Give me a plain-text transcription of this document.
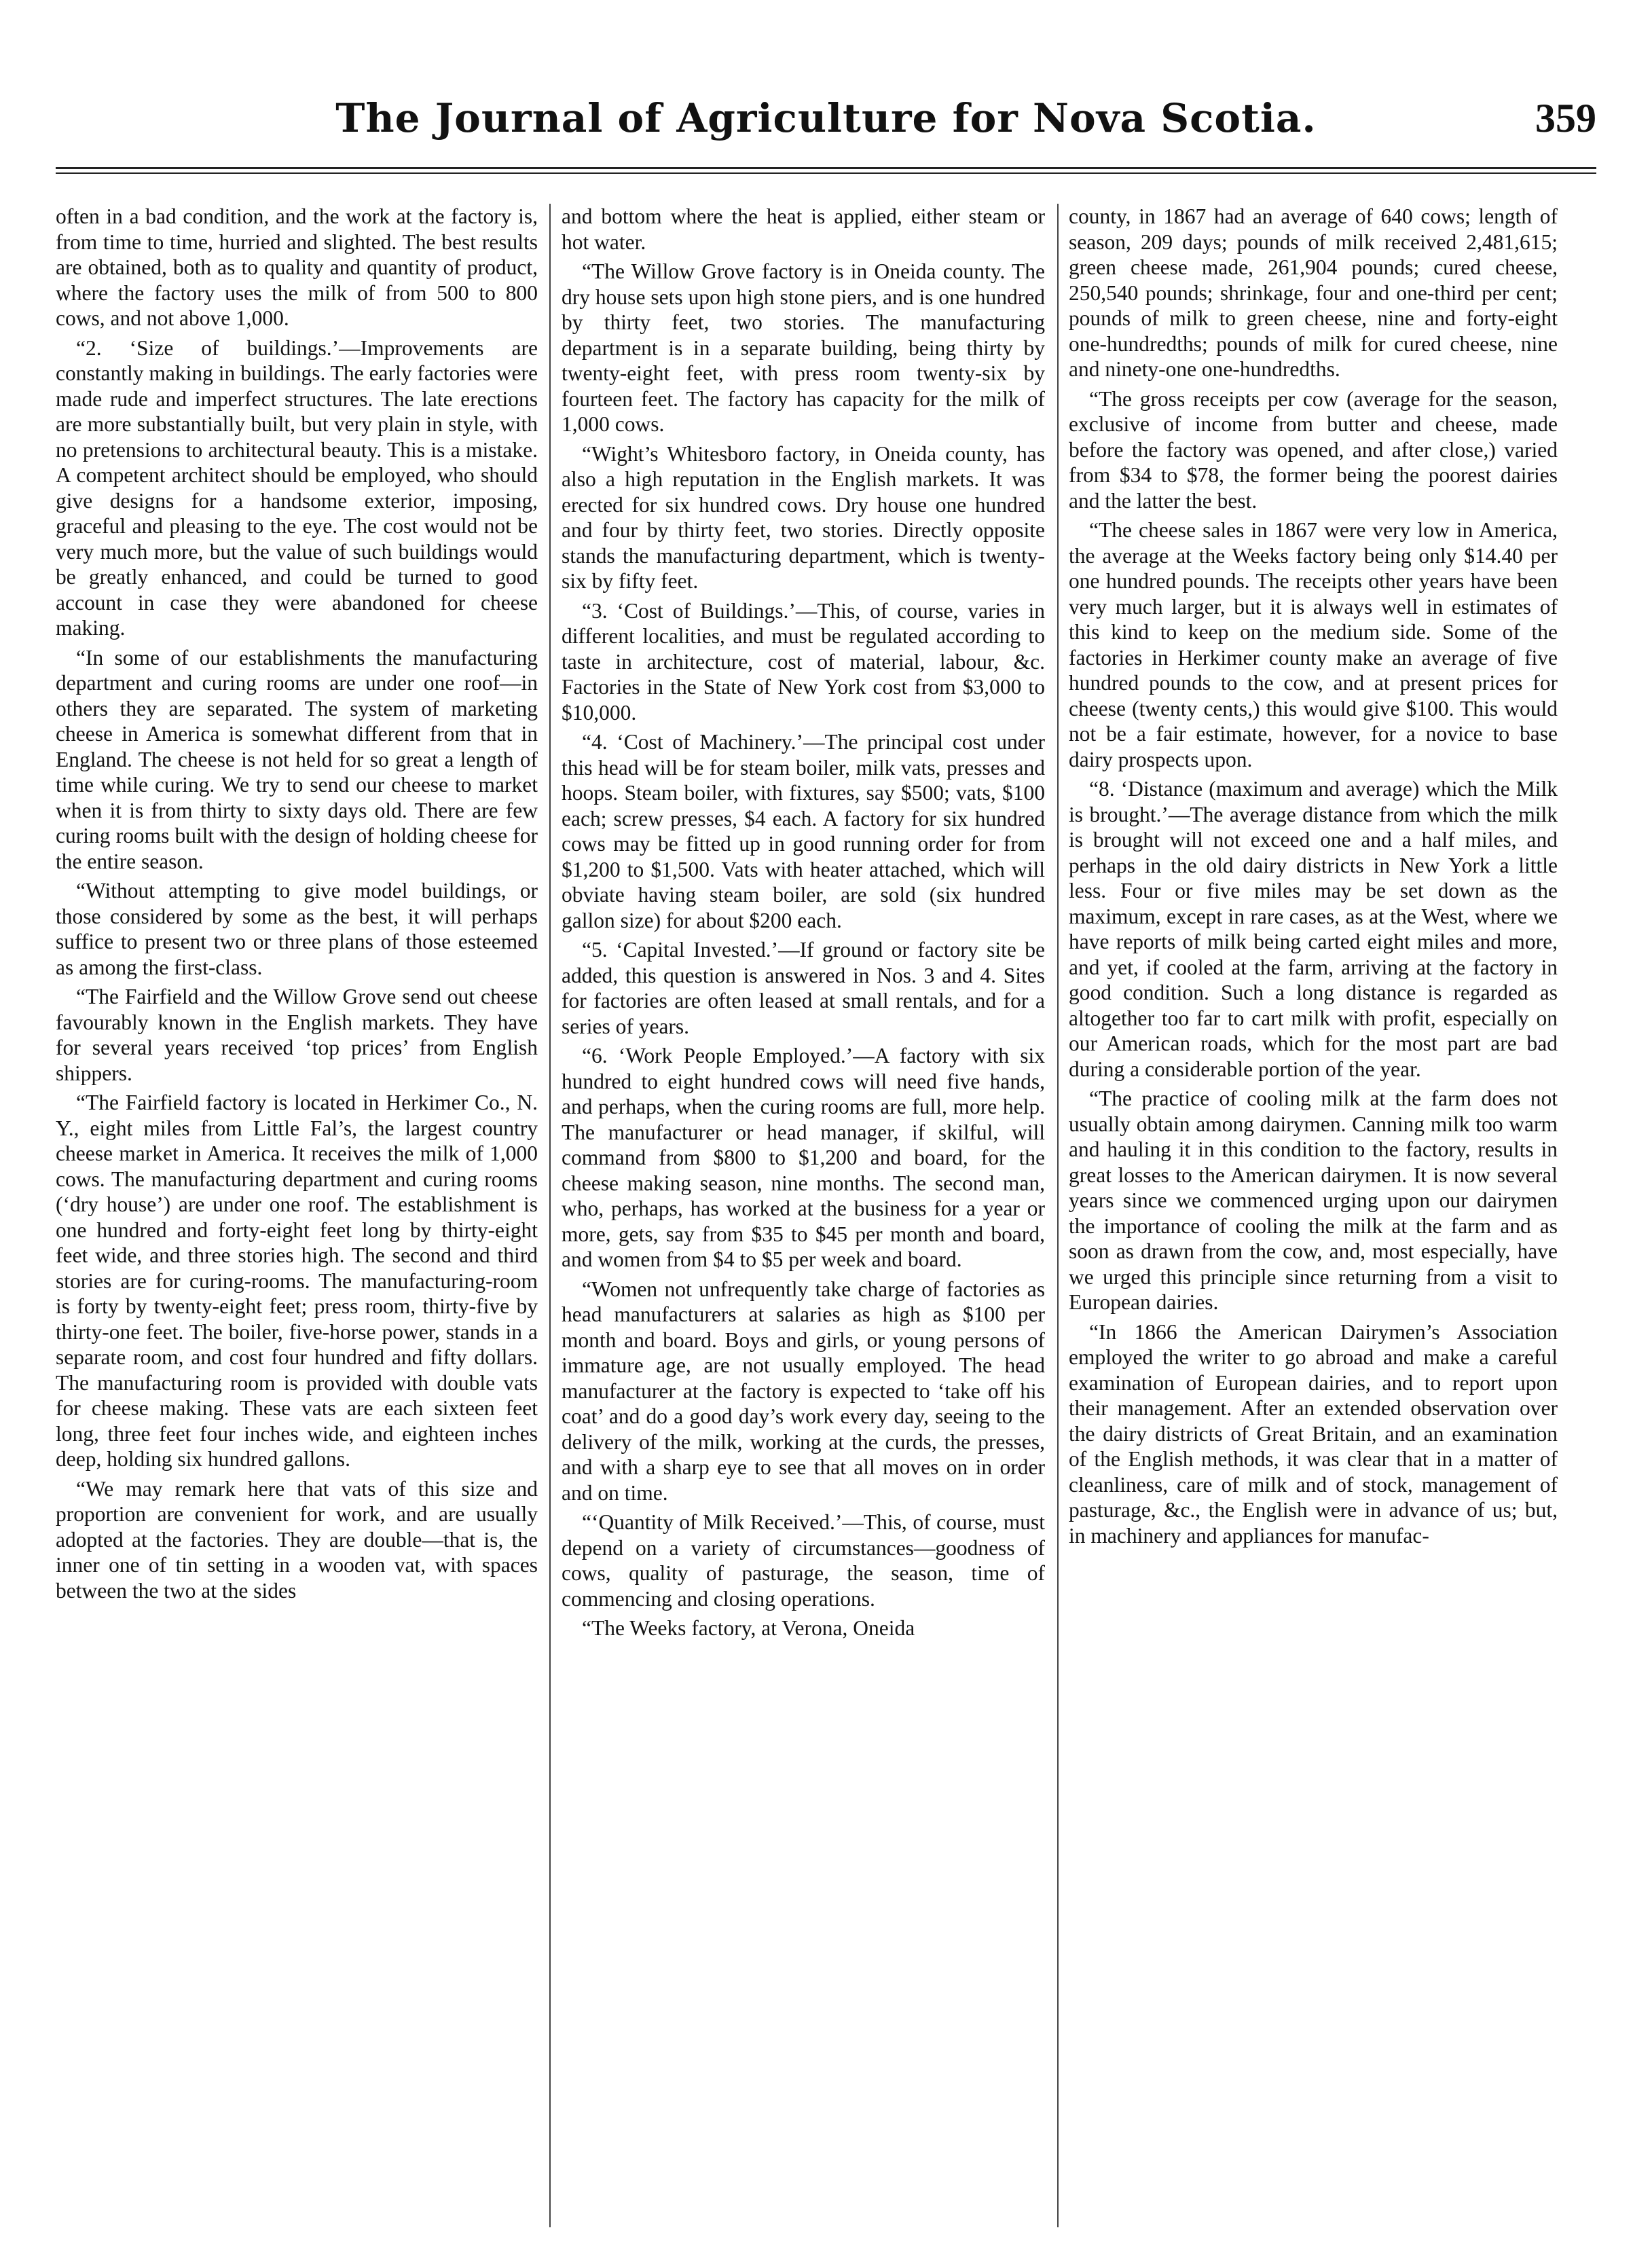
The Journal of Agriculture for Nova Scotia.	359

often in a bad condition, and the work at the factory is, from time to time, hurried and slighted. The best results are obtained, both as to quality and quantity of product, where the factory uses the milk of from 500 to 800 cows, and not above 1,000.

“2. ‘Size of buildings.’—Improvements are constantly making in buildings. The early factories were made rude and imperfect structures. The late erections are more substantially built, but very plain in style, with no pretensions to architectural beauty. This is a mistake. A competent architect should be employed, who should give designs for a handsome exterior, imposing, graceful and pleasing to the eye. The cost would not be very much more, but the value of such buildings would be greatly enhanced, and could be turned to good account in case they were abandoned for cheese making.

“In some of our establishments the manufacturing department and curing rooms are under one roof—in others they are separated. The system of marketing cheese in America is somewhat different from that in England. The cheese is not held for so great a length of time while curing. We try to send our cheese to market when it is from thirty to sixty days old. There are few curing rooms built with the design of holding cheese for the entire season.

“Without attempting to give model buildings, or those considered by some as the best, it will perhaps suffice to present two or three plans of those esteemed as among the first-class.

“The Fairfield and the Willow Grove send out cheese favourably known in the English markets. They have for several years received ‘top prices’ from English shippers.

“The Fairfield factory is located in Herkimer Co., N. Y., eight miles from Little Fal’s, the largest country cheese market in America. It receives the milk of 1,000 cows. The manufacturing department and curing rooms (‘dry house’) are under one roof. The establishment is one hundred and forty-eight feet long by thirty-eight feet wide, and three stories high. The second and third stories are for curing-rooms. The manufacturing-room is forty by twenty-eight feet; press room, thirty-five by thirty-one feet. The boiler, five-horse power, stands in a separate room, and cost four hundred and fifty dollars. The manufacturing room is provided with double vats for cheese making. These vats are each sixteen feet long, three feet four inches wide, and eighteen inches deep, holding six hundred gallons.

“We may remark here that vats of this size and proportion are convenient for work, and are usually adopted at the factories. They are double—that is, the inner one of tin setting in a wooden vat, with spaces between the two at the sides

and bottom where the heat is applied, either steam or hot water.

“The Willow Grove factory is in Oneida county. The dry house sets upon high stone piers, and is one hundred by thirty feet, two stories. The manufacturing department is in a separate building, being thirty by twenty-eight feet, with press room twenty-six by fourteen feet. The factory has capacity for the milk of 1,000 cows.

“Wight’s Whitesboro factory, in Oneida county, has also a high reputation in the English markets. It was erected for six hundred cows. Dry house one hundred and four by thirty feet, two stories. Directly opposite stands the manufacturing department, which is twenty-six by fifty feet.

“3. ‘Cost of Buildings.’—This, of course, varies in different localities, and must be regulated according to taste in architecture, cost of material, labour, &c. Factories in the State of New York cost from $3,000 to $10,000.

“4. ‘Cost of Machinery.’—The principal cost under this head will be for steam boiler, milk vats, presses and hoops. Steam boiler, with fixtures, say $500; vats, $100 each; screw presses, $4 each. A factory for six hundred cows may be fitted up in good running order for from $1,200 to $1,500. Vats with heater attached, which will obviate having steam boiler, are sold (six hundred gallon size) for about $200 each.

“5. ‘Capital Invested.’—If ground or factory site be added, this question is answered in Nos. 3 and 4. Sites for factories are often leased at small rentals, and for a series of years.

“6. ‘Work People Employed.’—A factory with six hundred to eight hundred cows will need five hands, and perhaps, when the curing rooms are full, more help. The manufacturer or head manager, if skilful, will command from $800 to $1,200 and board, for the cheese making season, nine months. The second man, who, perhaps, has worked at the business for a year or more, gets, say from $35 to $45 per month and board, and women from $4 to $5 per week and board.

“Women not unfrequently take charge of factories as head manufacturers at salaries as high as $100 per month and board. Boys and girls, or young persons of immature age, are not usually employed. The head manufacturer at the factory is expected to ‘take off his coat’ and do a good day’s work every day, seeing to the delivery of the milk, working at the curds, the presses, and with a sharp eye to see that all moves on in order and on time.

“‘Quantity of Milk Received.’—This, of course, must depend on a variety of circumstances—goodness of cows, quality of pasturage, the season, time of commencing and closing operations.

“The Weeks factory, at Verona, Oneida

county, in 1867 had an average of 640 cows; length of season, 209 days; pounds of milk received 2,481,615; green cheese made, 261,904 pounds; cured cheese, 250,540 pounds; shrinkage, four and one-third per cent; pounds of milk to green cheese, nine and forty-eight one-hundredths; pounds of milk for cured cheese, nine and ninety-one one-hundredths.

“The gross receipts per cow (average for the season, exclusive of income from butter and cheese, made before the factory was opened, and after close,) varied from $34 to $78, the former being the poorest dairies and the latter the best.

“The cheese sales in 1867 were very low in America, the average at the Weeks factory being only $14.40 per one hundred pounds. The receipts other years have been very much larger, but it is always well in estimates of this kind to keep on the medium side. Some of the factories in Herkimer county make an average of five hundred pounds to the cow, and at present prices for cheese (twenty cents,) this would give $100. This would not be a fair estimate, however, for a novice to base dairy prospects upon.

“8. ‘Distance (maximum and average) which the Milk is brought.’—The average distance from which the milk is brought will not exceed one and a half miles, and perhaps in the old dairy districts in New York a little less. Four or five miles may be set down as the maximum, except in rare cases, as at the West, where we have reports of milk being carted eight miles and more, and yet, if cooled at the farm, arriving at the factory in good condition. Such a long distance is regarded as altogether too far to cart milk with profit, especially on our American roads, which for the most part are bad during a considerable portion of the year.

“The practice of cooling milk at the farm does not usually obtain among dairymen. Canning milk too warm and hauling it in this condition to the factory, results in great losses to the American dairymen. It is now several years since we commenced urging upon our dairymen the importance of cooling the milk at the farm and as soon as drawn from the cow, and, most especially, have we urged this principle since returning from a visit to European dairies.

“In 1866 the American Dairymen’s Association employed the writer to go abroad and make a careful examination of European dairies, and to report upon their management. After an extended observation over the dairy districts of Great Britain, and an examination of the English methods, it was clear that in a matter of cleanliness, care of milk and of stock, management of pasturage, &c., the English were in advance of us; but, in machinery and appliances for manufac-
